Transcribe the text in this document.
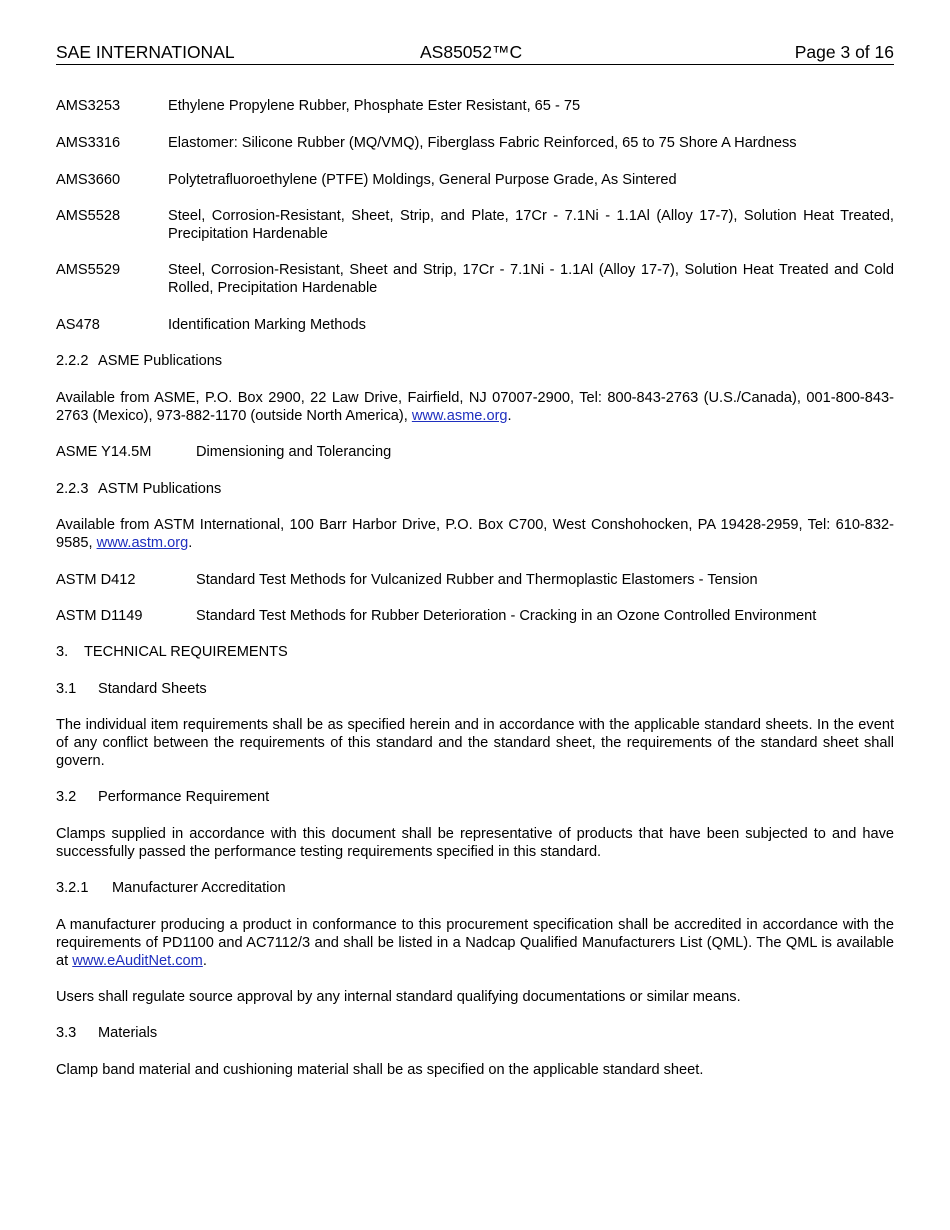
SAE INTERNATIONAL	AS85052™C	Page 3 of 16
AMS3253	Ethylene Propylene Rubber, Phosphate Ester Resistant, 65 - 75
AMS3316	Elastomer: Silicone Rubber (MQ/VMQ), Fiberglass Fabric Reinforced, 65 to 75 Shore A Hardness
AMS3660	Polytetrafluoroethylene (PTFE) Moldings, General Purpose Grade, As Sintered
AMS5528	Steel, Corrosion-Resistant, Sheet, Strip, and Plate, 17Cr - 7.1Ni - 1.1Al (Alloy 17-7), Solution Heat Treated, Precipitation Hardenable
AMS5529	Steel, Corrosion-Resistant, Sheet and Strip, 17Cr - 7.1Ni - 1.1Al (Alloy 17-7), Solution Heat Treated and Cold Rolled, Precipitation Hardenable
AS478	Identification Marking Methods
2.2.2 ASME Publications
Available from ASME, P.O. Box 2900, 22 Law Drive, Fairfield, NJ 07007-2900, Tel: 800-843-2763 (U.S./Canada), 001-800-843-2763 (Mexico), 973-882-1170 (outside North America), www.asme.org.
ASME Y14.5M	Dimensioning and Tolerancing
2.2.3 ASTM Publications
Available from ASTM International, 100 Barr Harbor Drive, P.O. Box C700, West Conshohocken, PA 19428-2959, Tel: 610-832-9585, www.astm.org.
ASTM D412	Standard Test Methods for Vulcanized Rubber and Thermoplastic Elastomers - Tension
ASTM D1149	Standard Test Methods for Rubber Deterioration - Cracking in an Ozone Controlled Environment
3. TECHNICAL REQUIREMENTS
3.1 Standard Sheets
The individual item requirements shall be as specified herein and in accordance with the applicable standard sheets. In the event of any conflict between the requirements of this standard and the standard sheet, the requirements of the standard sheet shall govern.
3.2 Performance Requirement
Clamps supplied in accordance with this document shall be representative of products that have been subjected to and have successfully passed the performance testing requirements specified in this standard.
3.2.1 Manufacturer Accreditation
A manufacturer producing a product in conformance to this procurement specification shall be accredited in accordance with the requirements of PD1100 and AC7112/3 and shall be listed in a Nadcap Qualified Manufacturers List (QML). The QML is available at www.eAuditNet.com.
Users shall regulate source approval by any internal standard qualifying documentations or similar means.
3.3 Materials
Clamp band material and cushioning material shall be as specified on the applicable standard sheet.
